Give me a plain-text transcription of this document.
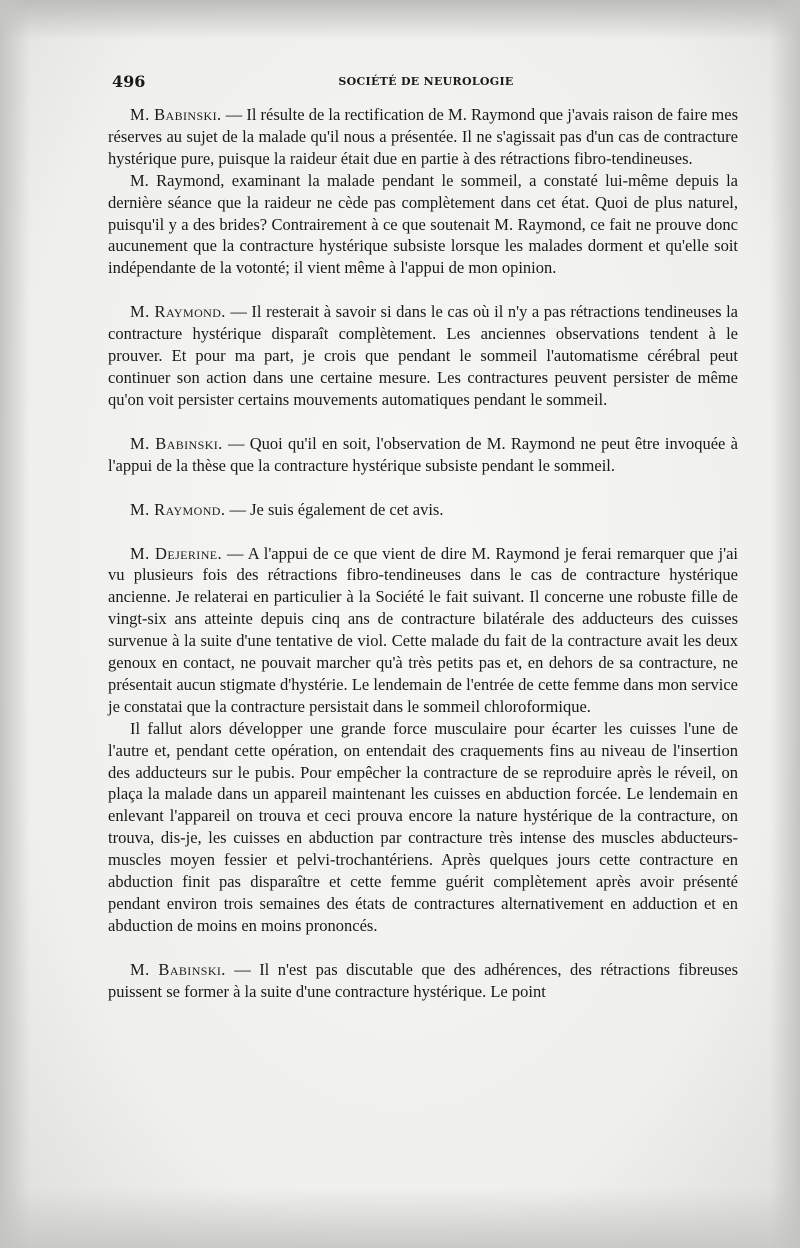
496	SOCIÉTÉ DE NEUROLOGIE

M. Babinski. — Il résulte de la rectification de M. Raymond que j'avais raison de faire mes réserves au sujet de la malade qu'il nous a présentée. Il ne s'agissait pas d'un cas de contracture hystérique pure, puisque la raideur était due en partie à des rétractions fibro-tendineuses.

M. Raymond, examinant la malade pendant le sommeil, a constaté lui-même depuis la dernière séance que la raideur ne cède pas complètement dans cet état. Quoi de plus naturel, puisqu'il y a des brides? Contrairement à ce que soutenait M. Raymond, ce fait ne prouve donc aucunement que la contracture hystérique subsiste lorsque les malades dorment et qu'elle soit indépendante de la votonté; il vient même à l'appui de mon opinion.

M. Raymond. — Il resterait à savoir si dans le cas où il n'y a pas rétractions tendineuses la contracture hystérique disparaît complètement. Les anciennes observations tendent à le prouver. Et pour ma part, je crois que pendant le sommeil l'automatisme cérébral peut continuer son action dans une certaine mesure. Les contractures peuvent persister de même qu'on voit persister certains mouvements automatiques pendant le sommeil.

M. Babinski. — Quoi qu'il en soit, l'observation de M. Raymond ne peut être invoquée à l'appui de la thèse que la contracture hystérique subsiste pendant le sommeil.

M. Raymond. — Je suis également de cet avis.

M. Dejerine. — A l'appui de ce que vient de dire M. Raymond je ferai remarquer que j'ai vu plusieurs fois des rétractions fibro-tendineuses dans le cas de contracture hystérique ancienne. Je relaterai en particulier à la Société le fait suivant. Il concerne une robuste fille de vingt-six ans atteinte depuis cinq ans de contracture bilatérale des adducteurs des cuisses survenue à la suite d'une tentative de viol. Cette malade du fait de la contracture avait les deux genoux en contact, ne pouvait marcher qu'à très petits pas et, en dehors de sa contracture, ne présentait aucun stigmate d'hystérie. Le lendemain de l'entrée de cette femme dans mon service je constatai que la contracture persistait dans le sommeil chloroformique.

Il fallut alors développer une grande force musculaire pour écarter les cuisses l'une de l'autre et, pendant cette opération, on entendait des craquements fins au niveau de l'insertion des adducteurs sur le pubis. Pour empêcher la contracture de se reproduire après le réveil, on plaça la malade dans un appareil maintenant les cuisses en abduction forcée. Le lendemain en enlevant l'appareil on trouva et ceci prouva encore la nature hystérique de la contracture, on trouva, dis-je, les cuisses en abduction par contracture très intense des muscles abducteurs-muscles moyen fessier et pelvi-trochantériens. Après quelques jours cette contracture en abduction finit pas disparaître et cette femme guérit complètement après avoir présenté pendant environ trois semaines des états de contractures alternativement en adduction et en abduction de moins en moins prononcés.

M. Babinski. — Il n'est pas discutable que des adhérences, des rétractions fibreuses puissent se former à la suite d'une contracture hystérique. Le point
